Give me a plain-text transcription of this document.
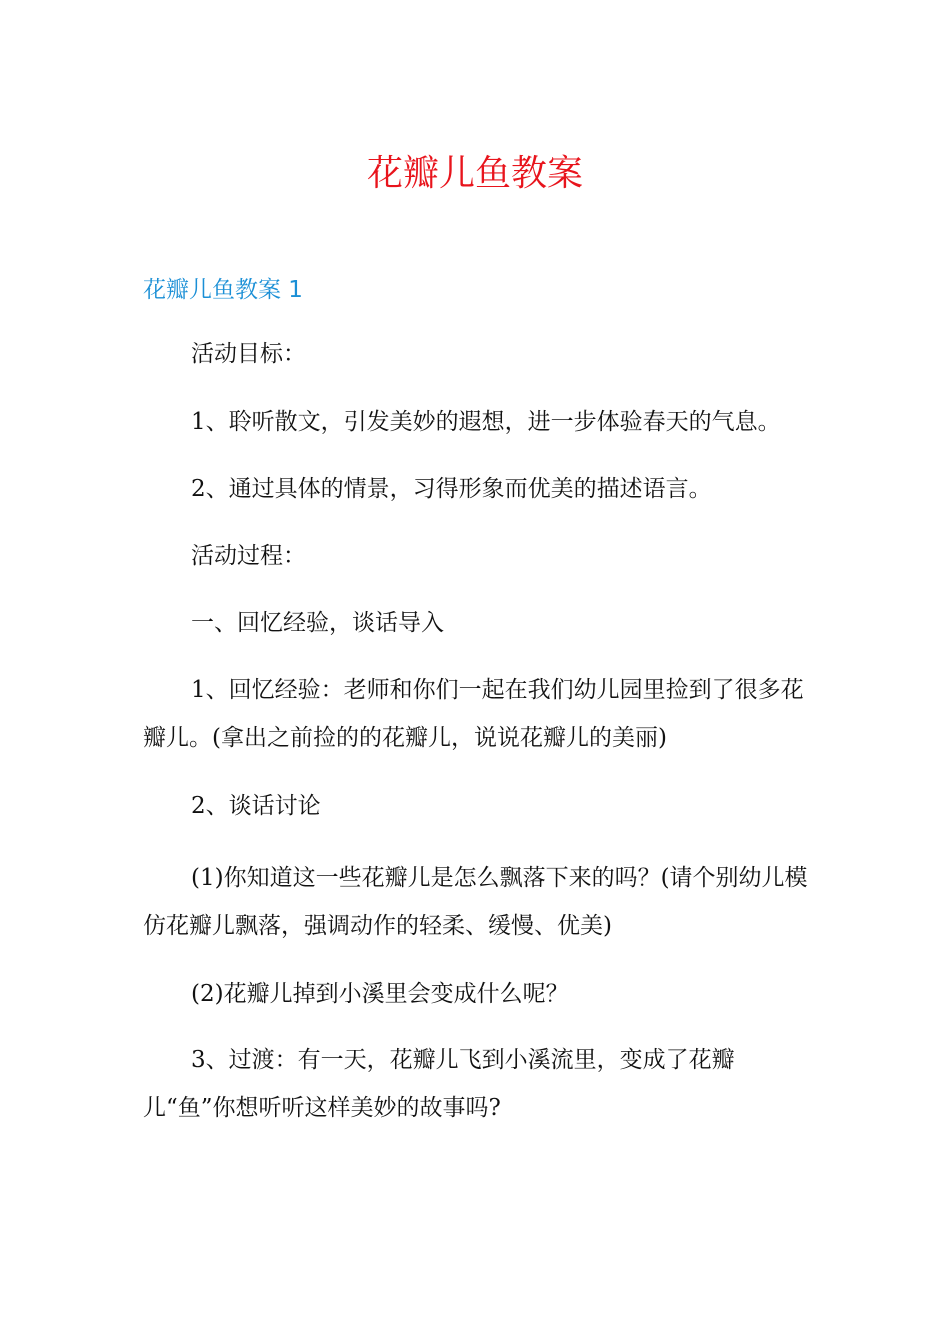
花瓣儿鱼教案
花瓣儿鱼教案 1
活动目标：
1、聆听散文，引发美妙的遐想，进一步体验春天的气息。
2、通过具体的情景，习得形象而优美的描述语言。
活动过程：
一、回忆经验，谈话导入
1、回忆经验：老师和你们一起在我们幼儿园里捡到了很多花瓣儿。(拿出之前捡的的花瓣儿，说说花瓣儿的美丽)
2、谈话讨论
(1)你知道这一些花瓣儿是怎么飘落下来的吗？(请个别幼儿模仿花瓣儿飘落，强调动作的轻柔、缓慢、优美)
(2)花瓣儿掉到小溪里会变成什么呢？
3、过渡：有一天，花瓣儿飞到小溪流里，变成了花瓣儿“鱼”你想听听这样美妙的故事吗?
